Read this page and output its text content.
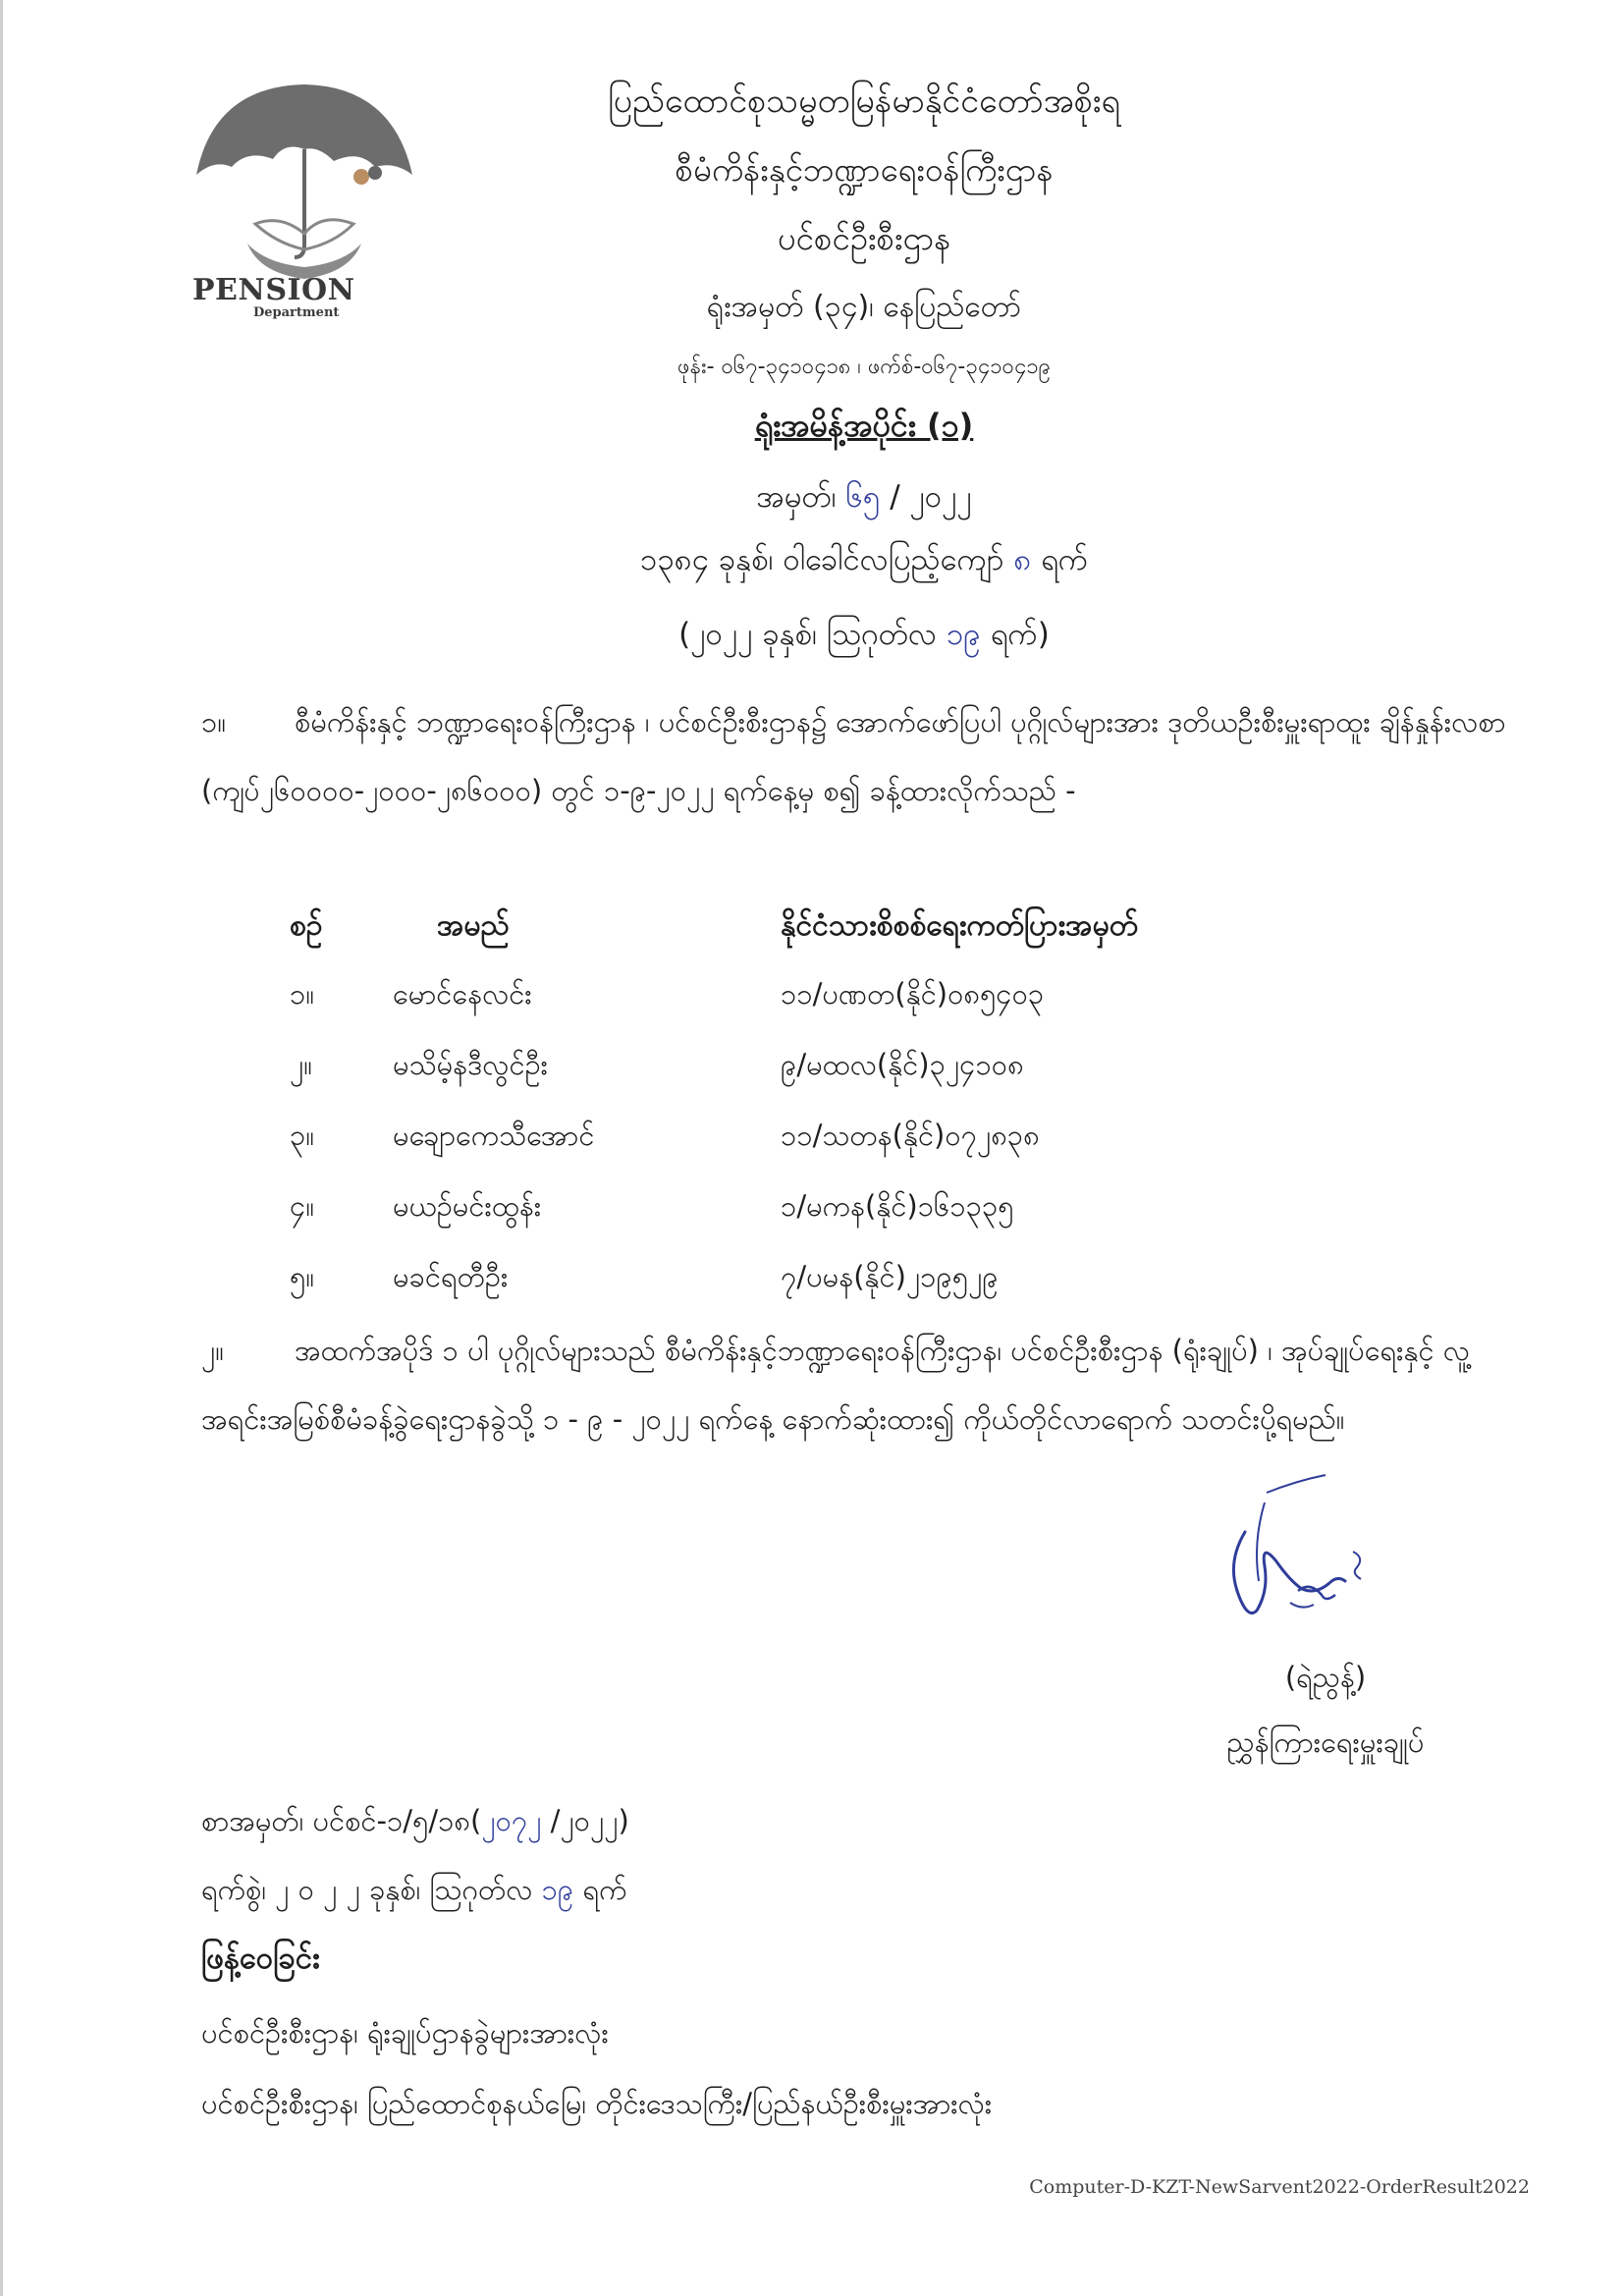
PENSION
Department
ပြည်ထောင်စုသမ္မတမြန်မာနိုင်ငံတော်အစိုးရ
စီမံကိန်းနှင့်ဘဏ္ဍာရေးဝန်ကြီးဌာန
ပင်စင်ဦးစီးဌာန
ရုံးအမှတ် (၃၄)၊ နေပြည်တော်
ဖုန်း- ၀၆၇-၃၄၁၀၄၁၈ ၊ ဖက်စ်-၀၆၇-၃၄၁၀၄၁၉
ရုံးအမိန့်အပိုင်း (၁)
အမှတ်၊ ၆၅ / ၂၀၂၂
၁၃၈၄ ခုနှစ်၊ ဝါခေါင်လပြည့်ကျော် ၈ ရက်
(၂၀၂၂ ခုနှစ်၊ ဩဂုတ်လ ၁၉ ရက်)
၁။ စီမံကိန်းနှင့် ဘဏ္ဍာရေးဝန်ကြီးဌာန ၊ ပင်စင်ဦးစီးဌာန၌ အောက်ဖော်ပြပါ ပုဂ္ဂိုလ်များအား ဒုတိယဦးစီးမှူးရာထူး ချိန်နှုန်းလစာ (ကျပ်၂၆၀၀၀၀-၂၀၀၀-၂၈၆၀၀၀) တွင် ၁-၉-၂၀၂၂ ရက်နေ့မှ စ၍ ခန့်ထားလိုက်သည် -
စဉ်	အမည်	နိုင်ငံသားစိစစ်ရေးကတ်ပြားအမှတ်
၁။	မောင်နေလင်း	၁၁/ပဏတ(နိုင်)၀၈၅၄၀၃
၂။	မသိမ့်နဒီလွင်ဦး	၉/မထလ(နိုင်)၃၂၄၁၀၈
၃။	မချောကေသီအောင်	၁၁/သတန(နိုင်)၀၇၂၈၃၈
၄။	မယဉ်မင်းထွန်း	၁/မကန(နိုင်)၁၆၁၃၃၅
၅။	မခင်ရတီဦး	၇/ပမန(နိုင်)၂၁၉၅၂၉
၂။ အထက်အပိုဒ် ၁ ပါ ပုဂ္ဂိုလ်များသည် စီမံကိန်းနှင့်ဘဏ္ဍာရေးဝန်ကြီးဌာန၊ ပင်စင်ဦးစီးဌာန (ရုံးချုပ်) ၊ အုပ်ချုပ်ရေးနှင့် လူ့အရင်းအမြစ်စီမံခန့်ခွဲရေးဌာနခွဲသို့ ၁ - ၉ - ၂၀၂၂ ရက်နေ့ နောက်ဆုံးထား၍ ကိုယ်တိုင်လာရောက် သတင်းပို့ရမည်။
(ရဲညွန့်)
ညွှန်ကြားရေးမှူးချုပ်
စာအမှတ်၊ ပင်စင်-၁/၅/၁၈(၂၀၇၂ /၂၀၂၂)
ရက်စွဲ၊ ၂ ၀ ၂ ၂ ခုနှစ်၊ ဩဂုတ်လ ၁၉ ရက်
ဖြန့်ဝေခြင်း
ပင်စင်ဦးစီးဌာန၊ ရုံးချုပ်ဌာနခွဲများအားလုံး
ပင်စင်ဦးစီးဌာန၊ ပြည်ထောင်စုနယ်မြေ၊ တိုင်းဒေသကြီး/ပြည်နယ်ဦးစီးမှူးအားလုံး
Computer-D-KZT-NewSarvent2022-OrderResult2022
